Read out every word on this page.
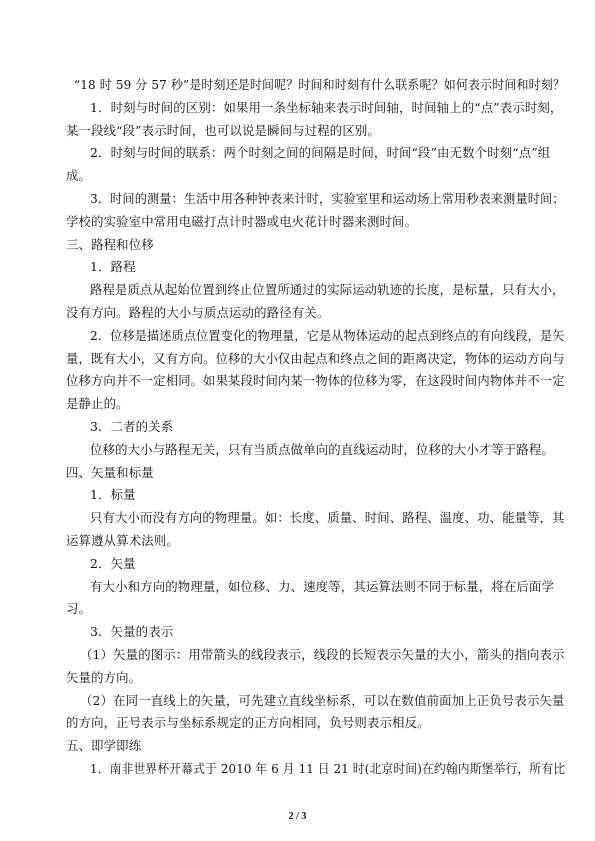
“18 时 59 分 57 秒”是时刻还是时间呢？时间和时刻有什么联系呢？如何表示时间和时刻？
1．时刻与时间的区别：如果用一条坐标轴来表示时间轴，时间轴上的“点”表示时刻，
某一段线“段”表示时间，也可以说是瞬间与过程的区别。
2．时刻与时间的联系：两个时刻之间的间隔是时间，时间“段”由无数个时刻“点”组
成。
3．时间的测量：生活中用各种钟表来计时，实验室里和运动场上常用秒表来测量时间；
学校的实验室中常用电磁打点计时器或电火花计时器来测时间。
三、路程和位移
1．路程
路程是质点从起始位置到终止位置所通过的实际运动轨迹的长度，是标量，只有大小，
没有方向。路程的大小与质点运动的路径有关。
2．位移是描述质点位置变化的物理量，它是从物体运动的起点到终点的有向线段，是矢
量，既有大小，又有方向。位移的大小仅由起点和终点之间的距离决定，物体的运动方向与
位移方向并不一定相同。如果某段时间内某一物体的位移为零，在这段时间内物体并不一定
是静止的。
3．二者的关系
位移的大小与路程无关，只有当质点做单向的直线运动时，位移的大小才等于路程。
四、矢量和标量
1．标量
只有大小而没有方向的物理量。如：长度、质量、时间、路程、温度、功、能量等，其
运算遵从算术法则。
2．矢量
有大小和方向的物理量，如位移、力、速度等，其运算法则不同于标量，将在后面学
习。
3．矢量的表示
（1）矢量的图示：用带箭头的线段表示，线段的长短表示矢量的大小，箭头的指向表示
矢量的方向。
（2）在同一直线上的矢量，可先建立直线坐标系，可以在数值前面加上正负号表示矢量
的方向，正号表示与坐标系规定的正方向相同，负号则表示相反。
五、即学即练
1．南非世界杯开幕式于 2010 年 6 月 11 日 21 时(北京时间)在约翰内斯堡举行，所有比
2 / 3
